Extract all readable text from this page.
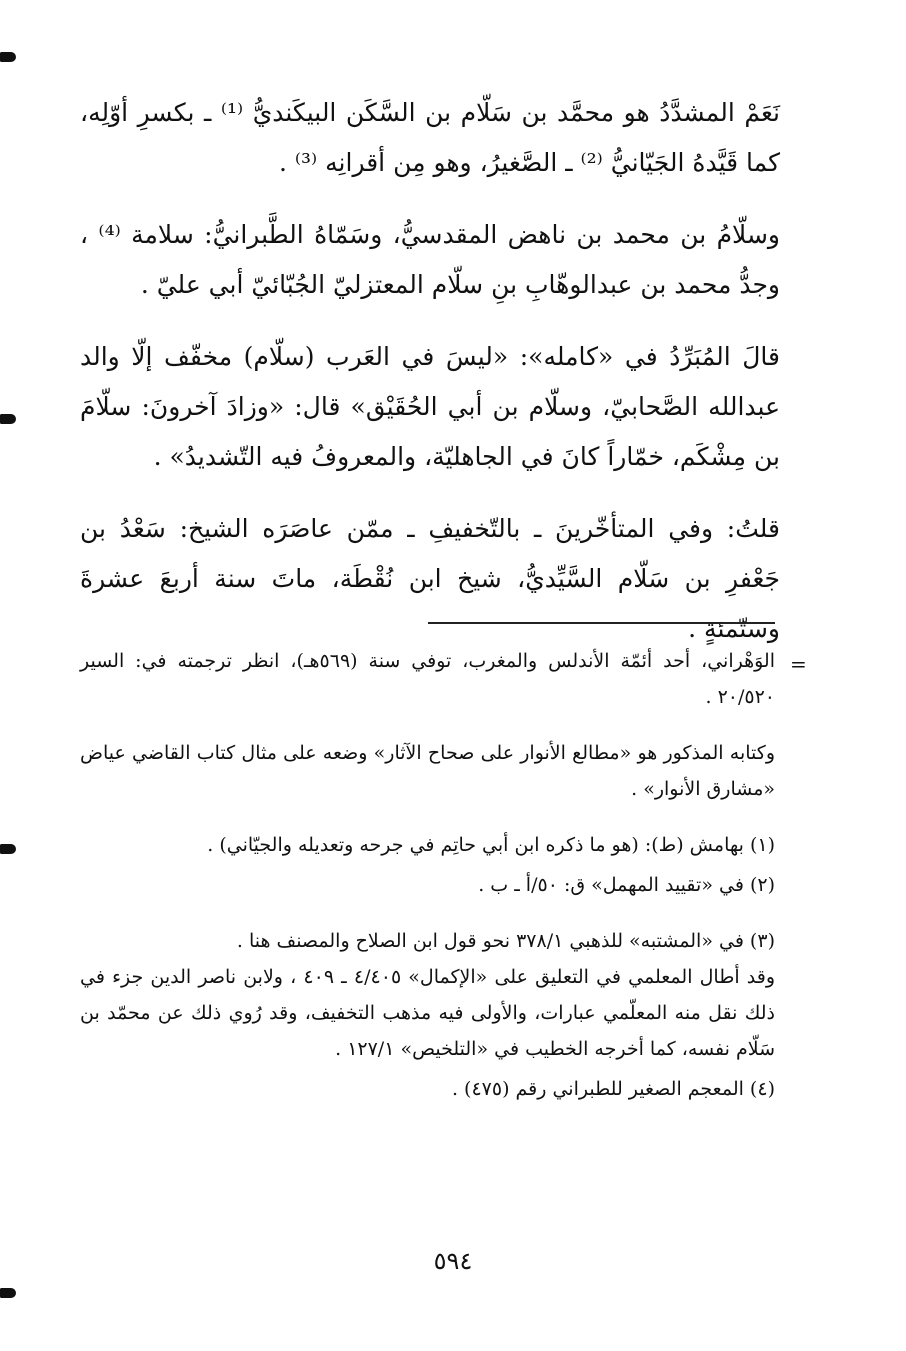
نَعَمْ المشدَّدُ هو محمَّد بن سَلّام بن السَّكَن البيكَنديُّ ⁽¹⁾ ـ بكسرِ أوّلِه، كما قَيَّدهُ الجَيّانيُّ ⁽²⁾ ـ الصَّغيرُ، وهو مِن أقرانِه ⁽³⁾ .

وسلّامُ بن محمد بن ناهض المقدسيُّ، وسَمّاهُ الطَّبرانيُّ: سلامة ⁽⁴⁾ ، وجدُّ محمد بن عبدالوهّابِ بنِ سلّام المعتزليّ الجُبّائيّ أبي عليّ .

قالَ المُبَرِّدُ في «كامله»: «ليسَ في العَرب (سلّام) مخفّف إلّا والد عبدالله الصَّحابيّ، وسلّام بن أبي الحُقَيْق» قال: «وزادَ آخرونَ: سلّامَ بن مِشْكَم، خمّاراً كانَ في الجاهليّة، والمعروفُ فيه التّشديدُ» .

قلتُ: وفي المتأخّرينَ ـ بالتّخفيفِ ـ ممّن عاصَرَه الشيخ: سَعْدُ بن جَعْفرِ بن سَلّام السَّيِّديُّ، شيخ ابن نُقْطَة، ماتَ سنة أربعَ عشرةَ وستّمئةٍ .

=

الوَهْراني، أحد أئمّة الأندلس والمغرب، توفي سنة (٥٦٩هـ)، انظر ترجمته في: السير ٢٠/٥٢٠ .

وكتابه المذكور هو «مطالع الأنوار على صحاح الآثار» وضعه على مثال كتاب القاضي عياض «مشارق الأنوار» .

(١) بهامش (ط): (هو ما ذكره ابن أبي حاتِم في جرحه وتعديله والجيّاني) .

(٢) في «تقييد المهمل» ق: ٥٠/أ ـ ب .

(٣) في «المشتبه» للذهبي ٣٧٨/١ نحو قول ابن الصلاح والمصنف هنا .
وقد أطال المعلمي في التعليق على «الإكمال» ٤/٤٠٥ ـ ٤٠٩ ، ولابن ناصر الدين جزء في ذلك نقل منه المعلّمي عبارات، والأولى فيه مذهب التخفيف، وقد رُوي ذلك عن محمّد بن سَلّام نفسه، كما أخرجه الخطيب في «التلخيص» ١٢٧/١ .

(٤) المعجم الصغير للطبراني رقم (٤٧٥) .

٥٩٤
